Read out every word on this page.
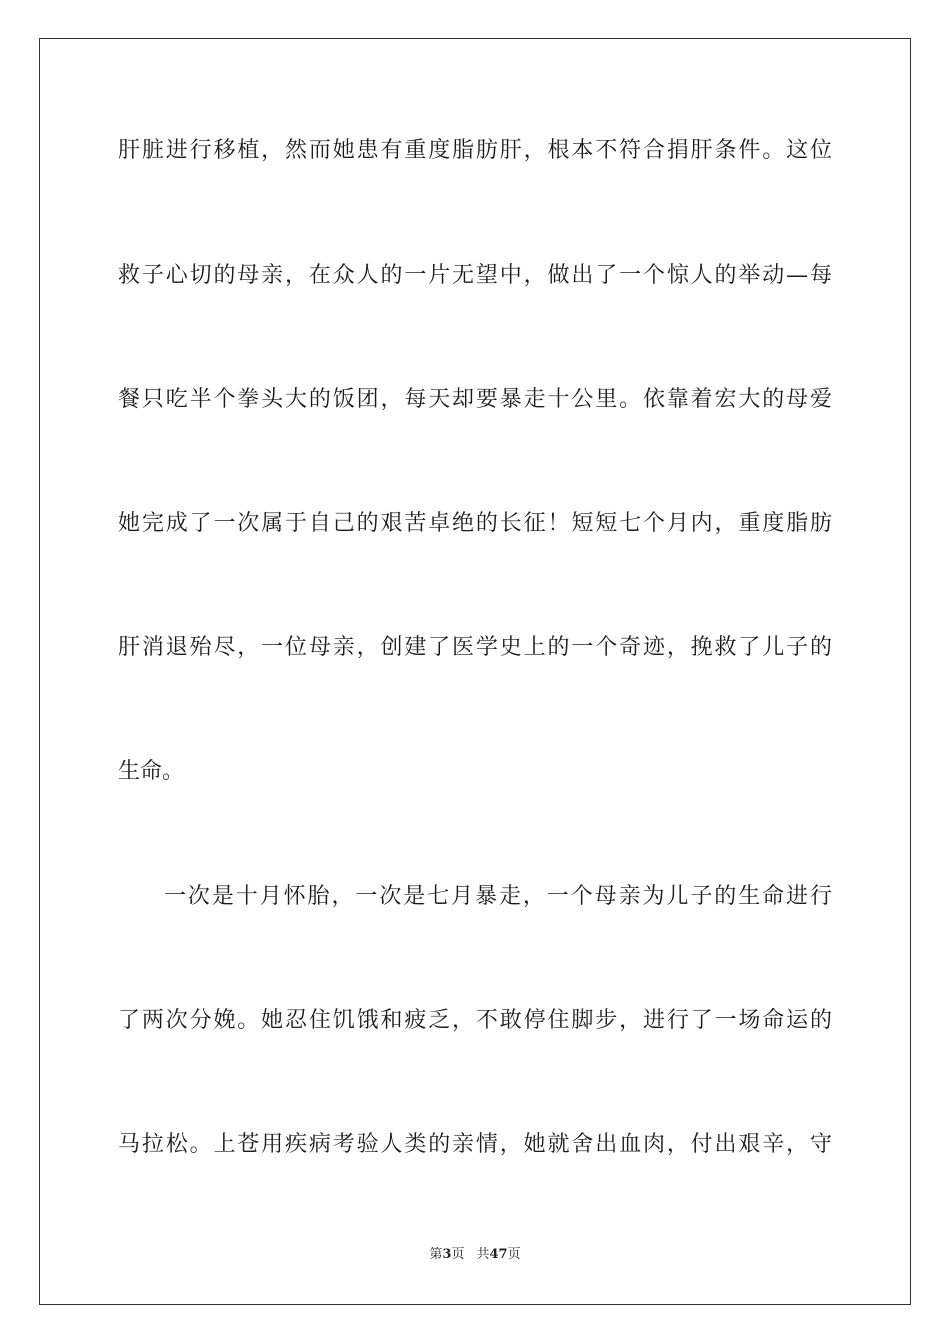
肝脏进行移植，然而她患有重度脂肪肝，根本不符合捐肝条件。这位
救子心切的母亲，在众人的一片无望中，做出了一个惊人的举动—每
餐只吃半个拳头大的饭团，每天却要暴走十公里。依靠着宏大的母爱
她完成了一次属于自己的艰苦卓绝的长征！短短七个月内，重度脂肪
肝消退殆尽，一位母亲，创建了医学史上的一个奇迹，挽救了儿子的
生命。
一次是十月怀胎，一次是七月暴走，一个母亲为儿子的生命进行
了两次分娩。她忍住饥饿和疲乏，不敢停住脚步，进行了一场命运的
马拉松。上苍用疾病考验人类的亲情，她就舍出血肉，付出艰辛，守
第3页 共47页
